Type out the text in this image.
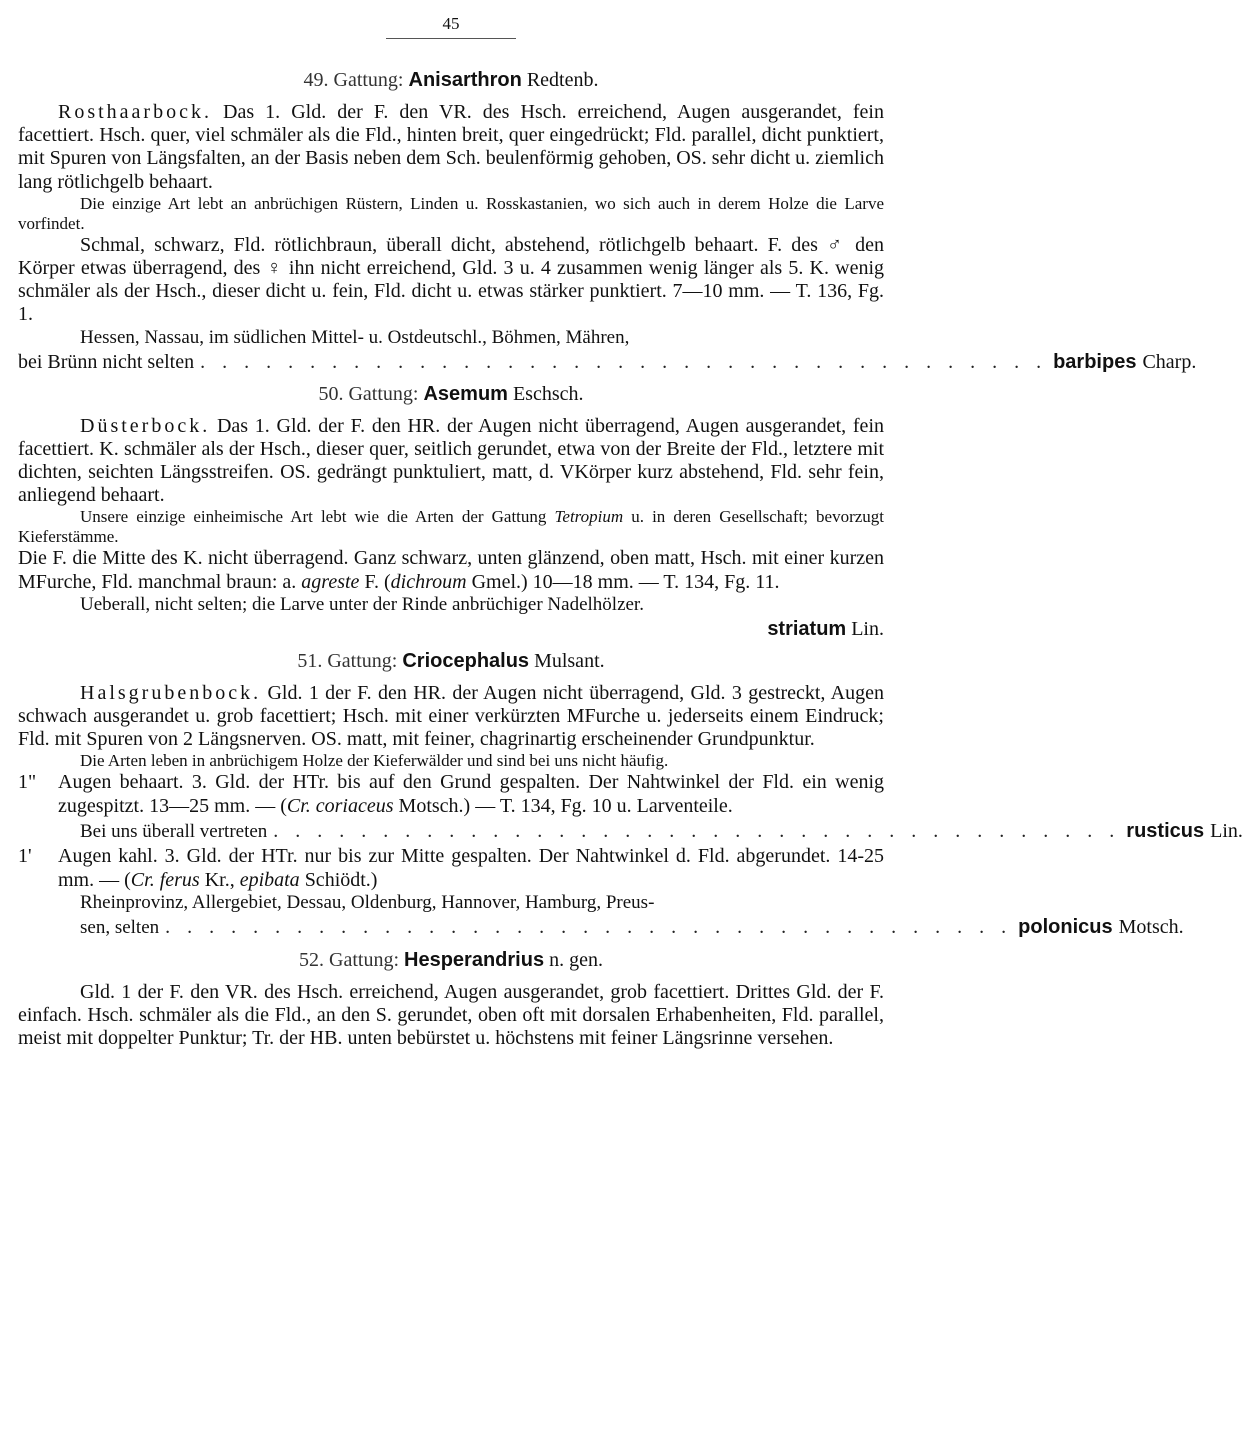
45
49. Gattung: Anisarthron Redtenb.

Rosthaarbock. Das 1. Gld. der F. den VR. des Hsch. erreichend, Augen ausgerandet, fein facettiert. Hsch. quer, viel schmäler als die Fld., hinten breit, quer eingedrückt; Fld. parallel, dicht punktiert, mit Spuren von Längsfalten, an der Basis neben dem Sch. beulenförmig gehoben, OS. sehr dicht u. ziemlich lang rötlichgelb behaart.

Die einzige Art lebt an anbrüchigen Rüstern, Linden u. Rosskastanien, wo sich auch in derem Holze die Larve vorfindet.

Schmal, schwarz, Fld. rötlichbraun, überall dicht, abstehend, rötlichgelb behaart. F. des ♂ den Körper etwas überragend, des ♀ ihn nicht erreichend, Gld. 3 u. 4 zusammen wenig länger als 5. K. wenig schmäler als der Hsch., dieser dicht u. fein, Fld. dicht u. etwas stärker punktiert. 7—10 mm. — T. 136, Fg. 1.

Hessen, Nassau, im südlichen Mittel- u. Ostdeutschl., Böhmen, Mähren,

bei Brünn nicht selten . . . . . . . . . . . . . . . . . . . . . . . . . . . . . . . . . . . . . . . barbipes Charp.
50. Gattung: Asemum Eschsch.

Düsterbock. Das 1. Gld. der F. den HR. der Augen nicht überragend, Augen ausgerandet, fein facettiert. K. schmäler als der Hsch., dieser quer, seitlich gerundet, etwa von der Breite der Fld., letztere mit dichten, seichten Längsstreifen. OS. gedrängt punktuliert, matt, d. VKörper kurz abstehend, Fld. sehr fein, anliegend behaart.

Unsere einzige einheimische Art lebt wie die Arten der Gattung Tetropium u. in deren Gesellschaft; bevorzugt Kieferstämme.

Die F. die Mitte des K. nicht überragend. Ganz schwarz, unten glänzend, oben matt, Hsch. mit einer kurzen MFurche, Fld. manchmal braun: a. agreste F. (dichroum Gmel.) 10—18 mm. — T. 134, Fg. 11.

Ueberall, nicht selten; die Larve unter der Rinde anbrüchiger Nadelhölzer.

striatum Lin.
51. Gattung: Criocephalus Mulsant.

Halsgrubenbock. Gld. 1 der F. den HR. der Augen nicht überragend, Gld. 3 gestreckt, Augen schwach ausgerandet u. grob facettiert; Hsch. mit einer verkürzten MFurche u. jederseits einem Eindruck; Fld. mit Spuren von 2 Längsnerven. OS. matt, mit feiner, chagrinartig erscheinender Grundpunktur.

Die Arten leben in anbrüchigem Holze der Kieferwälder und sind bei uns nicht häufig.

1"	Augen behaart. 3. Gld. der HTr. bis auf den Grund gespalten. Der Nahtwinkel der Fld. ein wenig zugespitzt. 13—25 mm. — (Cr. coriaceus Motsch.) — T. 134, Fg. 10 u. Larventeile.
Bei uns überall vertreten . . . . . . . . . . . . . . . . . . . . . . . . . . . . . . . . . . . . . . . rusticus Lin.
1'	Augen kahl. 3. Gld. der HTr. nur bis zur Mitte gespalten. Der Nahtwinkel d. Fld. abgerundet. 14-25 mm. — (Cr. ferus Kr., epibata Schiödt.)

Rheinprovinz, Allergebiet, Dessau, Oldenburg, Hannover, Hamburg, Preus-

sen, selten . . . . . . . . . . . . . . . . . . . . . . . . . . . . . . . . . . . . . . . polonicus Motsch.
52. Gattung: Hesperandrius n. gen.

Gld. 1 der F. den VR. des Hsch. erreichend, Augen ausgerandet, grob facettiert. Drittes Gld. der F. einfach. Hsch. schmäler als die Fld., an den S. gerundet, oben oft mit dorsalen Erhabenheiten, Fld. parallel, meist mit doppelter Punktur; Tr. der HB. unten bebürstet u. höchstens mit feiner Längsrinne versehen.
